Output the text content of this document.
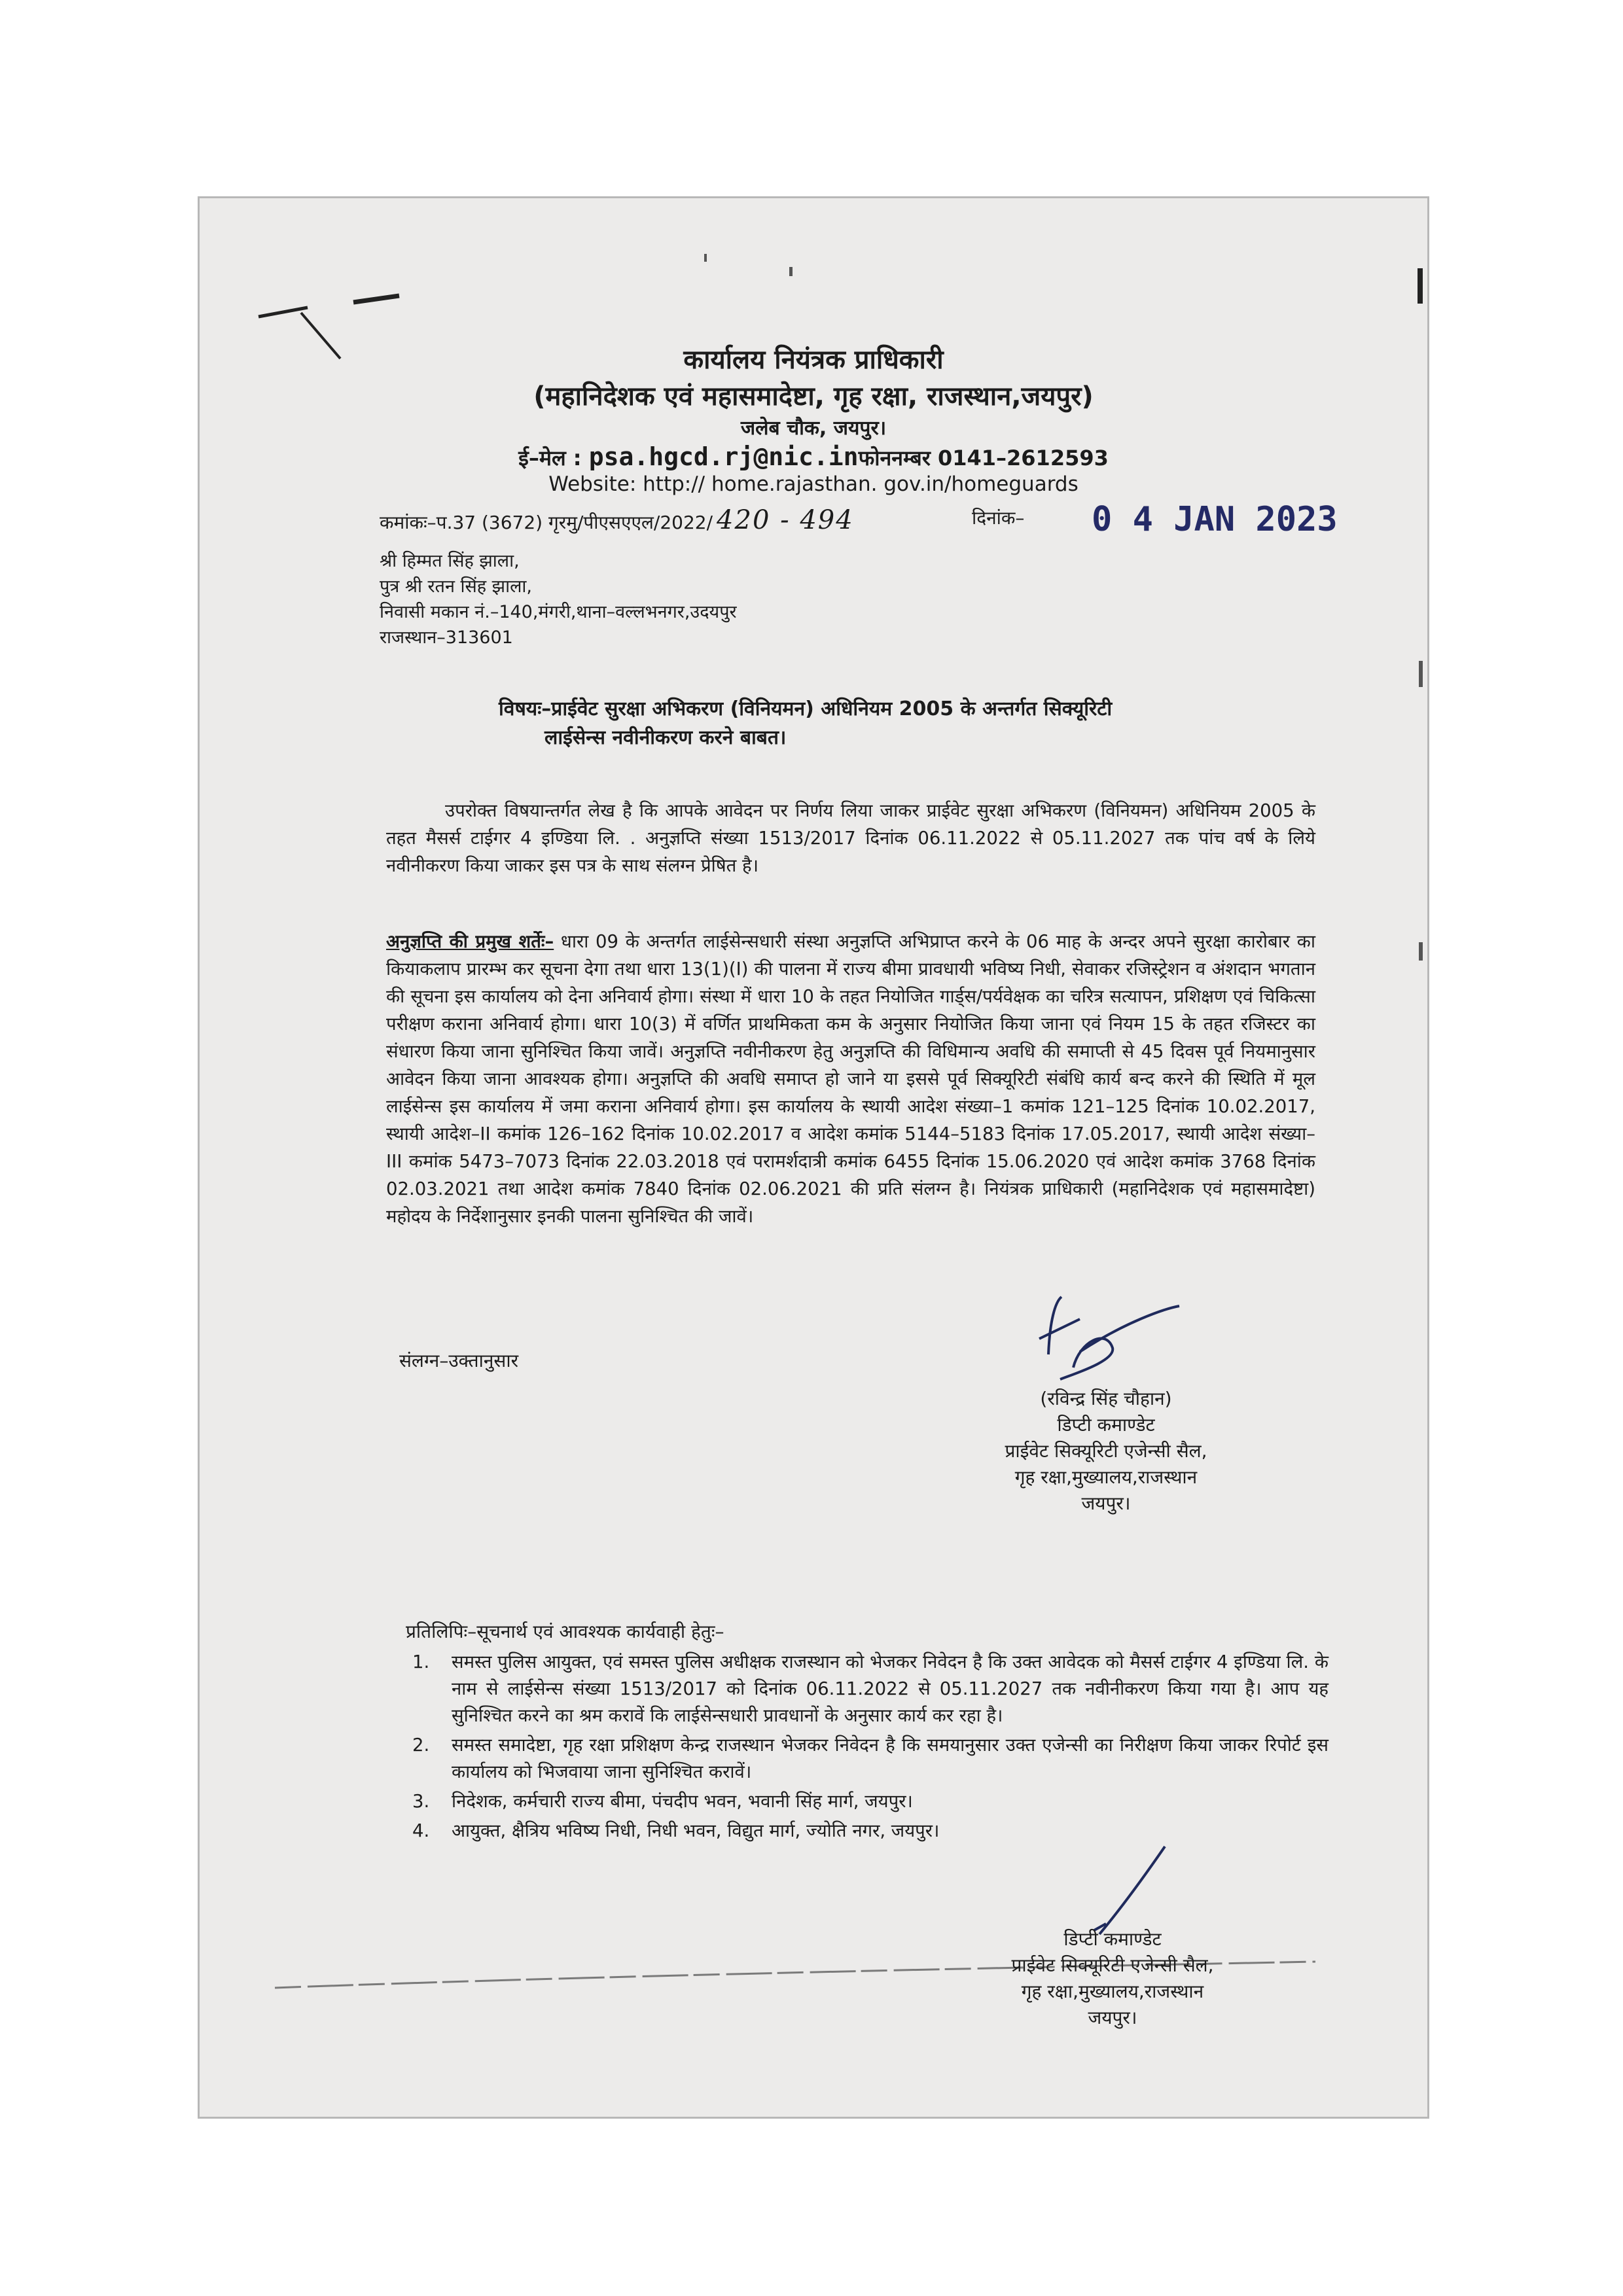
कार्यालय नियंत्रक प्राधिकारी
(महानिदेशक एवं महासमादेष्टा, गृह रक्षा, राजस्थान,जयपुर)
जलेब चौक, जयपुर।
ई–मेल : psa.hgcd.rj@nic.inफोननम्बर 0141–2612593
Website: http:// home.rajasthan. gov.in/homeguards
कमांकः–प.37 (3672) गृरमु/पीएसएएल/2022/ 420 - 494	दिनांक– 0 4 JAN 2023
श्री हिम्मत सिंह झाला,
पुत्र श्री रतन सिंह झाला,
निवासी मकान नं.–140,मंगरी,थाना–वल्लभनगर,उदयपुर
राजस्थान–313601
विषयः–प्राईवेट सुरक्षा अभिकरण (विनियमन) अधिनियम 2005 के अन्तर्गत सिक्यूरिटी
लाईसेन्स नवीनीकरण करने बाबत।
उपरोक्त विषयान्तर्गत लेख है कि आपके आवेदन पर निर्णय लिया जाकर प्राईवेट सुरक्षा अभिकरण (विनियमन) अधिनियम 2005 के तहत मैसर्स टाईगर 4 इण्डिया लि. . अनुज्ञप्ति संख्या 1513/2017 दिनांक 06.11.2022 से 05.11.2027 तक पांच वर्ष के लिये नवीनीकरण किया जाकर इस पत्र के साथ संलग्न प्रेषित है।
अनुज्ञप्ति की प्रमुख शर्तेः– धारा 09 के अन्तर्गत लाईसेन्सधारी संस्था अनुज्ञप्ति अभिप्राप्त करने के 06 माह के अन्दर अपने सुरक्षा कारोबार का कियाकलाप प्रारम्भ कर सूचना देगा तथा धारा 13(1)(I) की पालना में राज्य बीमा प्रावधायी भविष्य निधी, सेवाकर रजिस्ट्रेशन व अंशदान भगतान की सूचना इस कार्यालय को देना अनिवार्य होगा। संस्था में धारा 10 के तहत नियोजित गार्ड्स/पर्यवेक्षक का चरित्र सत्यापन, प्रशिक्षण एवं चिकित्सा परीक्षण कराना अनिवार्य होगा। धारा 10(3) में वर्णित प्राथमिकता कम के अनुसार नियोजित किया जाना एवं नियम 15 के तहत रजिस्टर का संधारण किया जाना सुनिश्चित किया जावें। अनुज्ञप्ति नवीनीकरण हेतु अनुज्ञप्ति की विधिमान्य अवधि की समाप्ती से 45 दिवस पूर्व नियमानुसार आवेदन किया जाना आवश्यक होगा। अनुज्ञप्ति की अवधि समाप्त हो जाने या इससे पूर्व सिक्यूरिटी संबंधि कार्य बन्द करने की स्थिति में मूल लाईसेन्स इस कार्यालय में जमा कराना अनिवार्य होगा। इस कार्यालय के स्थायी आदेश संख्या–1 कमांक 121–125 दिनांक 10.02.2017, स्थायी आदेश–II कमांक 126–162 दिनांक 10.02.2017 व आदेश कमांक 5144–5183 दिनांक 17.05.2017, स्थायी आदेश संख्या–III कमांक 5473–7073 दिनांक 22.03.2018 एवं परामर्शदात्री कमांक 6455 दिनांक 15.06.2020 एवं आदेश कमांक 3768 दिनांक 02.03.2021 तथा आदेश कमांक 7840 दिनांक 02.06.2021 की प्रति संलग्न है। नियंत्रक प्राधिकारी (महानिदेशक एवं महासमादेष्टा) महोदय के निर्देशानुसार इनकी पालना सुनिश्चित की जावें।
संलग्न–उक्तानुसार
(रविन्द्र सिंह चौहान)
डिप्टी कमाण्डेट
प्राईवेट सिक्यूरिटी एजेन्सी सैल,
गृह रक्षा,मुख्यालय,राजस्थान
जयपुर।
प्रतिलिपिः–सूचनार्थ एवं आवश्यक कार्यवाही हेतुः–
1. समस्त पुलिस आयुक्त, एवं समस्त पुलिस अधीक्षक राजस्थान को भेजकर निवेदन है कि उक्त आवेदक को मैसर्स टाईगर 4 इण्डिया लि. के नाम से लाईसेन्स संख्या 1513/2017 को दिनांक 06.11.2022 से 05.11.2027 तक नवीनीकरण किया गया है। आप यह सुनिश्चित करने का श्रम करावें कि लाईसेन्सधारी प्रावधानों के अनुसार कार्य कर रहा है।
2. समस्त समादेष्टा, गृह रक्षा प्रशिक्षण केन्द्र राजस्थान भेजकर निवेदन है कि समयानुसार उक्त एजेन्सी का निरीक्षण किया जाकर रिपोर्ट इस कार्यालय को भिजवाया जाना सुनिश्चित करावें।
3. निदेशक, कर्मचारी राज्य बीमा, पंचदीप भवन, भवानी सिंह मार्ग, जयपुर।
4. आयुक्त, क्षैत्रिय भविष्य निधी, निधी भवन, विद्युत मार्ग, ज्योति नगर, जयपुर।
डिप्टी कमाण्डेट
प्राईवेट सिक्यूरिटी एजेन्सी सैल,
गृह रक्षा,मुख्यालय,राजस्थान
जयपुर।
